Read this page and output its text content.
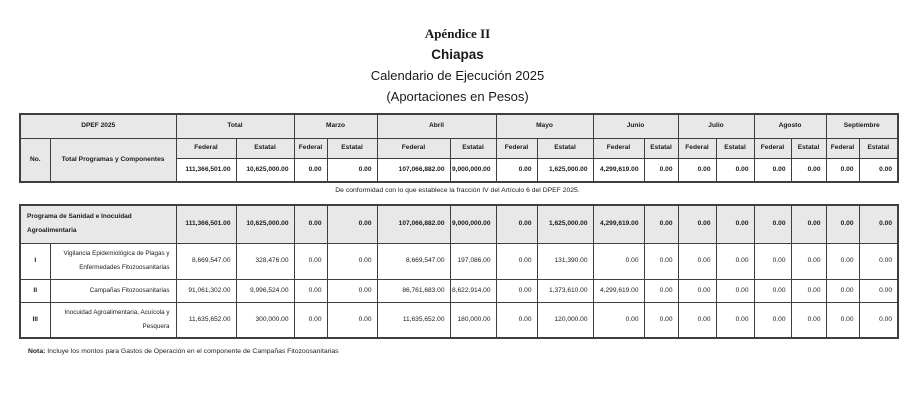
Apéndice II
Chiapas
Calendario de Ejecución 2025
(Aportaciones en Pesos)
DPEF 2025		Total		Marzo		Abril		Mayo		Junio		Julio		Agosto		Septiembre	
No.	Total Programas y Componentes	Federal	Estatal	Federal	Estatal	Federal	Estatal	Federal	Estatal	Federal	Estatal	Federal	Estatal	Federal	Estatal	Federal	Estatal
		111,366,501.00	10,625,000.00	0.00	0.00	107,066,882.00	9,000,000.00	0.00	1,625,000.00	4,299,619.00	0.00	0.00	0.00	0.00	0.00	0.00	0.00
De conformidad con lo que establece la fracción IV del Artículo 6 del DPEF 2025.
Programa de Sanidad e Inocuidad Agroalimentaria		111,366,501.00	10,625,000.00	0.00	0.00	107,066,882.00	9,000,000.00	0.00	1,625,000.00	4,299,619.00	0.00	0.00	0.00	0.00	0.00	0.00	0.00
I	Vigilancia Epidemiológica de Plagas y Enfermedades Fitozoosanitarias	8,669,547.00	328,476.00	0.00	0.00	8,669,547.00	197,086.00	0.00	131,390.00	0.00	0.00	0.00	0.00	0.00	0.00	0.00	0.00
II	Campañas Fitozoosanitarias	91,061,302.00	9,996,524.00	0.00	0.00	86,761,683.00	8,622,914.00	0.00	1,373,610.00	4,299,619.00	0.00	0.00	0.00	0.00	0.00	0.00	0.00
III	Inocuidad Agroalimentaria, Acuícola y Pesquera	11,635,652.00	300,000.00	0.00	0.00	11,635,652.00	180,000.00	0.00	120,000.00	0.00	0.00	0.00	0.00	0.00	0.00	0.00	0.00
Nota: Incluye los montos para Gastos de Operación en el componente de Campañas Fitozoosanitarias
